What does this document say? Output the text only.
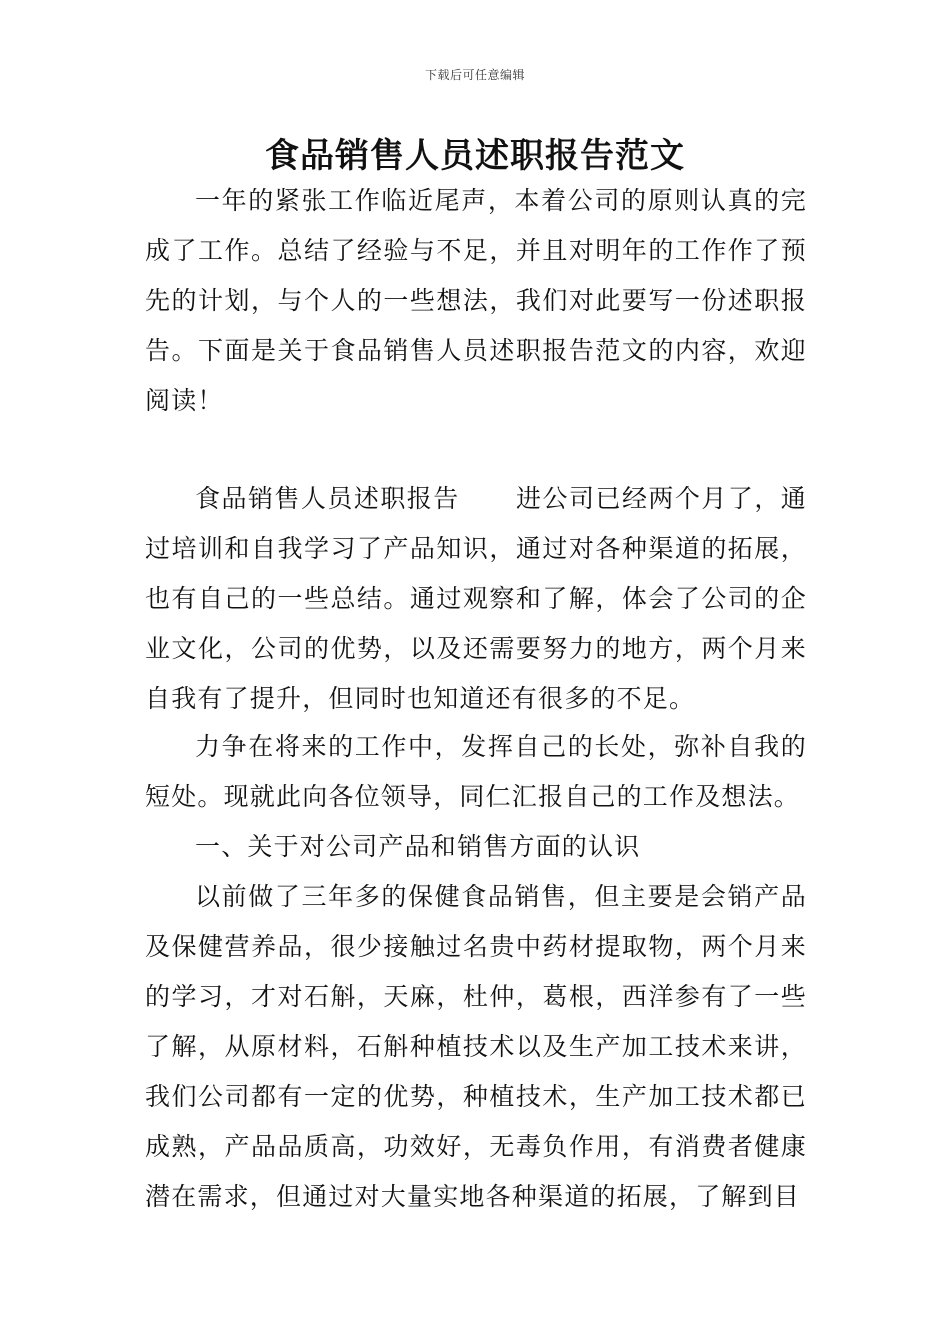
下载后可任意编辑
食品销售人员述职报告范文

一年的紧张工作临近尾声，本着公司的原则认真的完成了工作。总结了经验与不足，并且对明年的工作作了预先的计划，与个人的一些想法，我们对此要写一份述职报告。下面是关于食品销售人员述职报告范文的内容，欢迎阅读！

食品销售人员述职报告 进公司已经两个月了，通过培训和自我学习了产品知识，通过对各种渠道的拓展，也有自己的一些总结。通过观察和了解，体会了公司的企业文化，公司的优势，以及还需要努力的地方，两个月来自我有了提升，但同时也知道还有很多的不足。

力争在将来的工作中，发挥自己的长处，弥补自我的短处。现就此向各位领导，同仁汇报自己的工作及想法。

一、关于对公司产品和销售方面的认识

以前做了三年多的保健食品销售，但主要是会销产品及保健营养品，很少接触过名贵中药材提取物，两个月来的学习，才对石斛，天麻，杜仲，葛根，西洋参有了一些了解，从原材料，石斛种植技术以及生产加工技术来讲，我们公司都有一定的优势，种植技术，生产加工技术都已成熟，产品品质高，功效好，无毒负作用，有消费者健康潜在需求，但通过对大量实地各种渠道的拓展，了解到目
